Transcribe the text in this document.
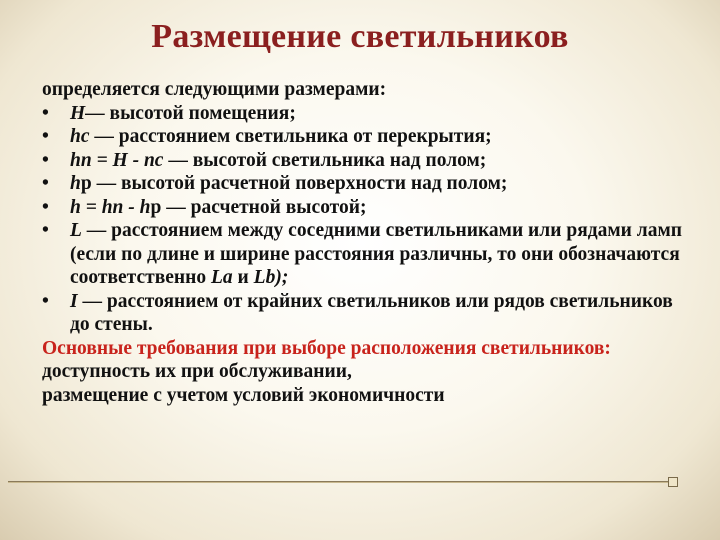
Размещение светильников

определяется следующими размерами:

•	Н— высотой помещения;

•	hc — расстоянием светильника от перекрытия;

•	hп = Н - пс — высотой светильника над полом;

•	hр — высотой расчетной поверхности над полом;

•	h = hп - hр — расчетной высотой;

•	L — расстоянием между соседними светильниками или рядами ламп (если по длине и ширине расстояния различны, то они обозначаются соответственно La и Lb);

•	I — расстоянием от крайних светильников или рядов светильников до стены.

Основные требования при выборе расположения светильников:

доступность их при обслуживании,

размещение с учетом условий экономичности
